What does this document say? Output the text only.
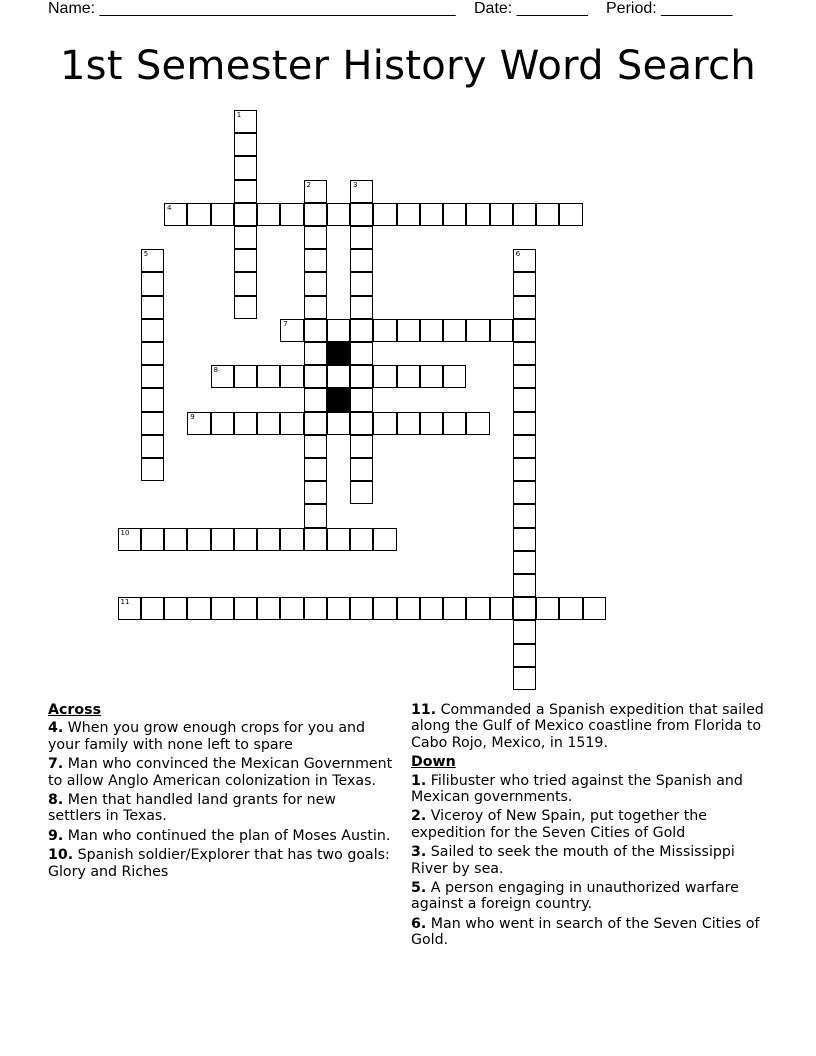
Name: ________________________________________ Date: ________ Period: ________
1st Semester History Word Search
1
2	3
4
5	6
7
8
9
10
11
Across
4. When you grow enough crops for you and your family with none left to spare
7. Man who convinced the Mexican Government to allow Anglo American colonization in Texas.
8. Men that handled land grants for new settlers in Texas.
9. Man who continued the plan of Moses Austin.
10. Spanish soldier/Explorer that has two goals: Glory and Riches
11. Commanded a Spanish expedition that sailed along the Gulf of Mexico coastline from Florida to Cabo Rojo, Mexico, in 1519.
Down
1. Filibuster who tried against the Spanish and Mexican governments.
2. Viceroy of New Spain, put together the expedition for the Seven Cities of Gold
3. Sailed to seek the mouth of the Mississippi River by sea.
5. A person engaging in unauthorized warfare against a foreign country.
6. Man who went in search of the Seven Cities of Gold.
